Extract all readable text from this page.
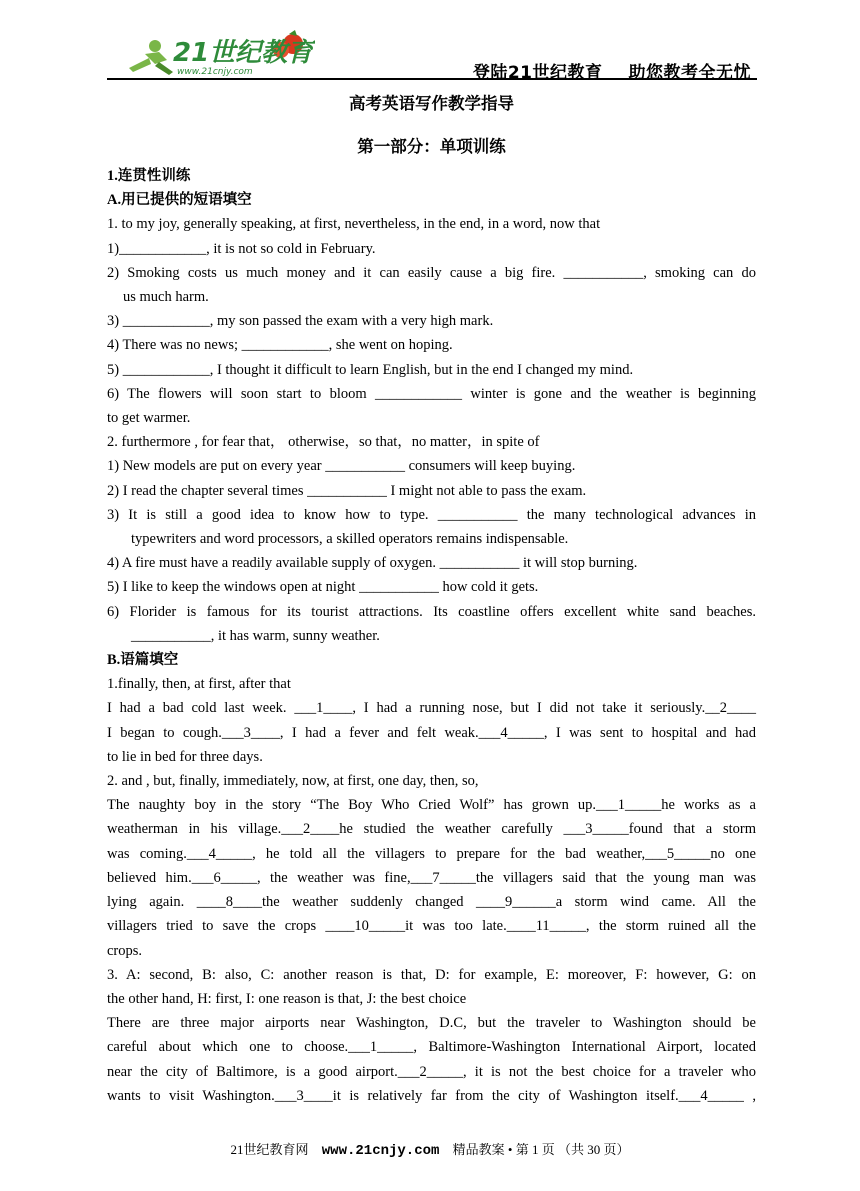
21世纪教育
www.21cnjy.com	登陆21世纪教育 助您教考全无忧
高考英语写作教学指导
第一部分：单项训练
1.连贯性训练
A.用已提供的短语填空
1. to my joy, generally speaking, at first, nevertheless, in the end, in a word, now that
1)____________, it is not so cold in February.
2) Smoking costs us much money and it can easily cause a big fire. ___________, smoking can do
us much harm.
3) ____________, my son passed the exam with a very high mark.
4) There was no news; ____________, she went on hoping.
5) ____________, I thought it difficult to learn English, but in the end I changed my mind.
6) The flowers will soon start to bloom ____________ winter is gone and the weather is beginning
to get warmer.
2. furthermore , for fear that， otherwise，so that，no matter，in spite of
1) New models are put on every year ___________ consumers will keep buying.
2) I read the chapter several times ___________ I might not able to pass the exam.
3) It is still a good idea to know how to type. ___________ the many technological advances in
typewriters and word processors, a skilled operators remains indispensable.
4) A fire must have a readily available supply of oxygen. ___________ it will stop burning.
5) I like to keep the windows open at night ___________ how cold it gets.
6) Florider is famous for its tourist attractions. Its coastline offers excellent white sand beaches.
___________, it has warm, sunny weather.
B.语篇填空
1.finally, then, at first, after that
I had a bad cold last week. ___1____, I had a running nose, but I did not take it seriously.__2____
I began to cough.___3____, I had a fever and felt weak.___4_____, I was sent to hospital and had
to lie in bed for three days.
2. and , but, finally, immediately, now, at first, one day, then, so,
The naughty boy in the story “The Boy Who Cried Wolf” has grown up.___1_____he works as a
weatherman in his village.___2____he studied the weather carefully ___3_____found that a storm
was coming.___4_____, he told all the villagers to prepare for the bad weather,___5_____no one
believed him.___6_____, the weather was fine,___7_____the villagers said that the young man was
lying again. ____8____the weather suddenly changed ____9______a storm wind came. All the
villagers tried to save the crops ____10_____it was too late.____11_____, the storm ruined all the
crops.
3. A: second, B: also, C: another reason is that, D: for example, E: moreover, F: however, G: on
the other hand, H: first, I: one reason is that, J: the best choice
There are three major airports near Washington, D.C, but the traveler to Washington should be
careful about which one to choose.___1_____, Baltimore-Washington International Airport, located
near the city of Baltimore, is a good airport.___2_____, it is not the best choice for a traveler who
wants to visit Washington.___3____it is relatively far from the city of Washington itself.___4_____ ,
21世纪教育网 www.21cnjy.com 精品教案 • 第 1 页 （共 30 页）
